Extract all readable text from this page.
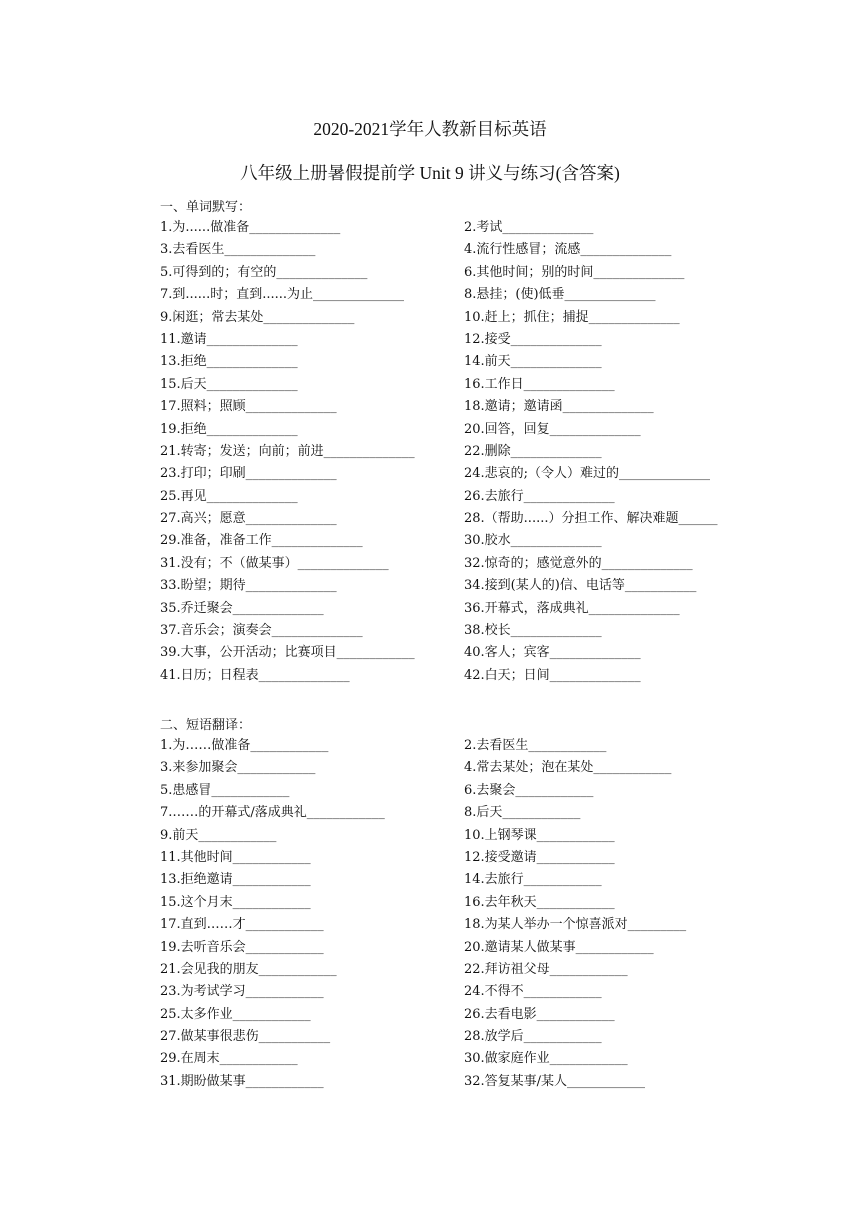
2020-2021学年人教新目标英语
八年级上册暑假提前学 Unit 9 讲义与练习(含答案)
一、单词默写：
1.为......做准备______________	2.考试______________
3.去看医生______________	4.流行性感冒；流感______________
5.可得到的；有空的______________	6.其他时间；别的时间______________
7.到......时；直到......为止______________	8.悬挂；(使)低垂______________
9.闲逛；常去某处______________	10.赶上；抓住；捕捉______________
11.邀请______________	12.接受______________
13.拒绝______________	14.前天______________
15.后天______________	16.工作日______________
17.照料；照顾______________	18.邀请；邀请函______________
19.拒绝______________	20.回答，回复______________
21.转寄；发送；向前；前进______________	22.删除______________
23.打印；印刷______________	24.悲哀的;（令人）难过的______________
25.再见______________	26.去旅行______________
27.高兴；愿意______________	28.（帮助......）分担工作、解决难题______
29.准备，准备工作______________	30.胶水______________
31.没有；不（做某事）______________	32.惊奇的；感觉意外的______________
33.盼望；期待______________	34.接到(某人的)信、电话等___________
35.乔迁聚会______________	36.开幕式，落成典礼______________
37.音乐会；演奏会______________	38.校长______________
39.大事，公开活动；比赛项目____________	40.客人；宾客______________
41.日历；日程表______________	42.白天；日间______________
二、短语翻译：
1.为……做准备____________	2.去看医生____________
3.来参加聚会____________	4.常去某处；泡在某处____________
5.患感冒____________	6.去聚会____________
7.……的开幕式/落成典礼____________	8.后天____________
9.前天____________	10.上钢琴课____________
11.其他时间____________	12.接受邀请____________
13.拒绝邀请____________	14.去旅行____________
15.这个月末____________	16.去年秋天____________
17.直到……才____________	18.为某人举办一个惊喜派对_________
19.去听音乐会____________	20.邀请某人做某事____________
21.会见我的朋友____________	22.拜访祖父母____________
23.为考试学习____________	24.不得不____________
25.太多作业____________	26.去看电影____________
27.做某事很悲伤___________	28.放学后____________
29.在周末____________	30.做家庭作业____________
31.期盼做某事____________	32.答复某事/某人____________
